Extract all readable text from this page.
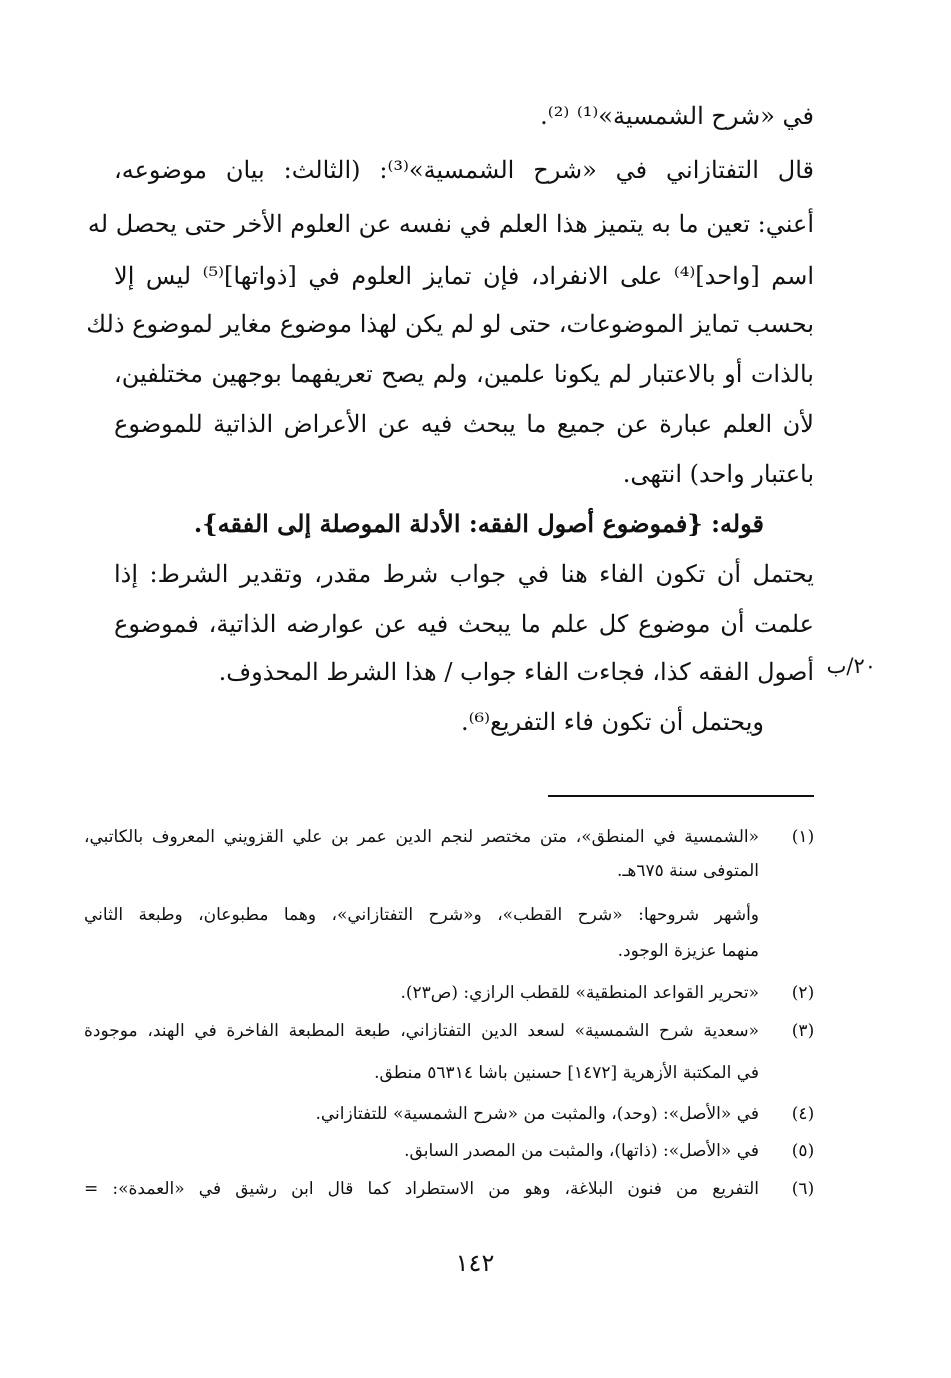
في «شرح الشمسية»⁽¹⁾ ⁽²⁾.
قال التفتازاني في «شرح الشمسية»⁽³⁾: (الثالث: بيان موضوعه،
أعني: تعين ما به يتميز هذا العلم في نفسه عن العلوم الأخر حتى يحصل له
اسم [واحد]⁽⁴⁾ على الانفراد، فإن تمايز العلوم في [ذواتها]⁽⁵⁾ ليس إلا
بحسب تمايز الموضوعات، حتى لو لم يكن لهذا موضوع مغاير لموضوع ذلك
بالذات أو بالاعتبار لم يكونا علمين، ولم يصح تعريفهما بوجهين مختلفين،
لأن العلم عبارة عن جميع ما يبحث فيه عن الأعراض الذاتية للموضوع
باعتبار واحد) انتهى.
قوله: {فموضوع أصول الفقه: الأدلة الموصلة إلى الفقه}.
يحتمل أن تكون الفاء هنا في جواب شرط مقدر، وتقدير الشرط: إذا
علمت أن موضوع كل علم ما يبحث فيه عن عوارضه الذاتية، فموضوع
أصول الفقه كذا، فجاءت الفاء جواب / هذا الشرط المحذوف.
ويحتمل أن تكون فاء التفريع⁽⁶⁾.
٢٠/ب
(١)
«الشمسية في المنطق»، متن مختصر لنجم الدين عمر بن علي القزويني المعروف بالكاتبي،
المتوفى سنة ٦٧٥هـ.
وأشهر شروحها: «شرح القطب»، و«شرح التفتازاني»، وهما مطبوعان، وطبعة الثاني
منهما عزيزة الوجود.
(٢)
«تحرير القواعد المنطقية» للقطب الرازي: (ص٢٣).
(٣)
«سعدية شرح الشمسية» لسعد الدين التفتازاني، طبعة المطبعة الفاخرة في الهند، موجودة
في المكتبة الأزهرية [١٤٧٢] حسنين باشا ٥٦٣١٤ منطق.
(٤)
في «الأصل»: (وحد)، والمثبت من «شرح الشمسية» للتفتازاني.
(٥)
في «الأصل»: (ذاتها)، والمثبت من المصدر السابق.
(٦)
التفريع من فنون البلاغة، وهو من الاستطراد كما قال ابن رشيق في «العمدة»: =
١٤٢
